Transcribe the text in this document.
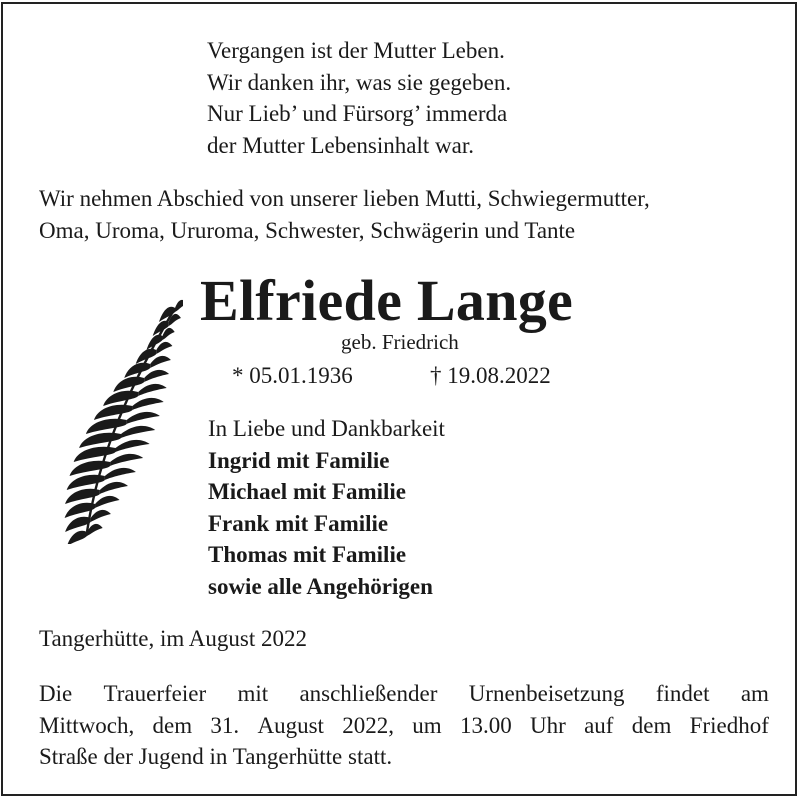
Vergangen ist der Mutter Leben.
Wir danken ihr, was sie gegeben.
Nur Lieb’ und Fürsorg’ immerda
der Mutter Lebensinhalt war.
Wir nehmen Abschied von unserer lieben Mutti, Schwiegermutter,
Oma, Uroma, Ururoma, Schwester, Schwägerin und Tante
Elfriede Lange
geb. Friedrich
* 05.01.1936	† 19.08.2022
In Liebe und Dankbarkeit
Ingrid mit Familie
Michael mit Familie
Frank mit Familie
Thomas mit Familie
sowie alle Angehörigen
Tangerhütte, im August 2022
Die Trauerfeier mit anschließender Urnenbeisetzung findet am
Mittwoch, dem 31. August 2022, um 13.00 Uhr auf dem Friedhof
Straße der Jugend in Tangerhütte statt.
